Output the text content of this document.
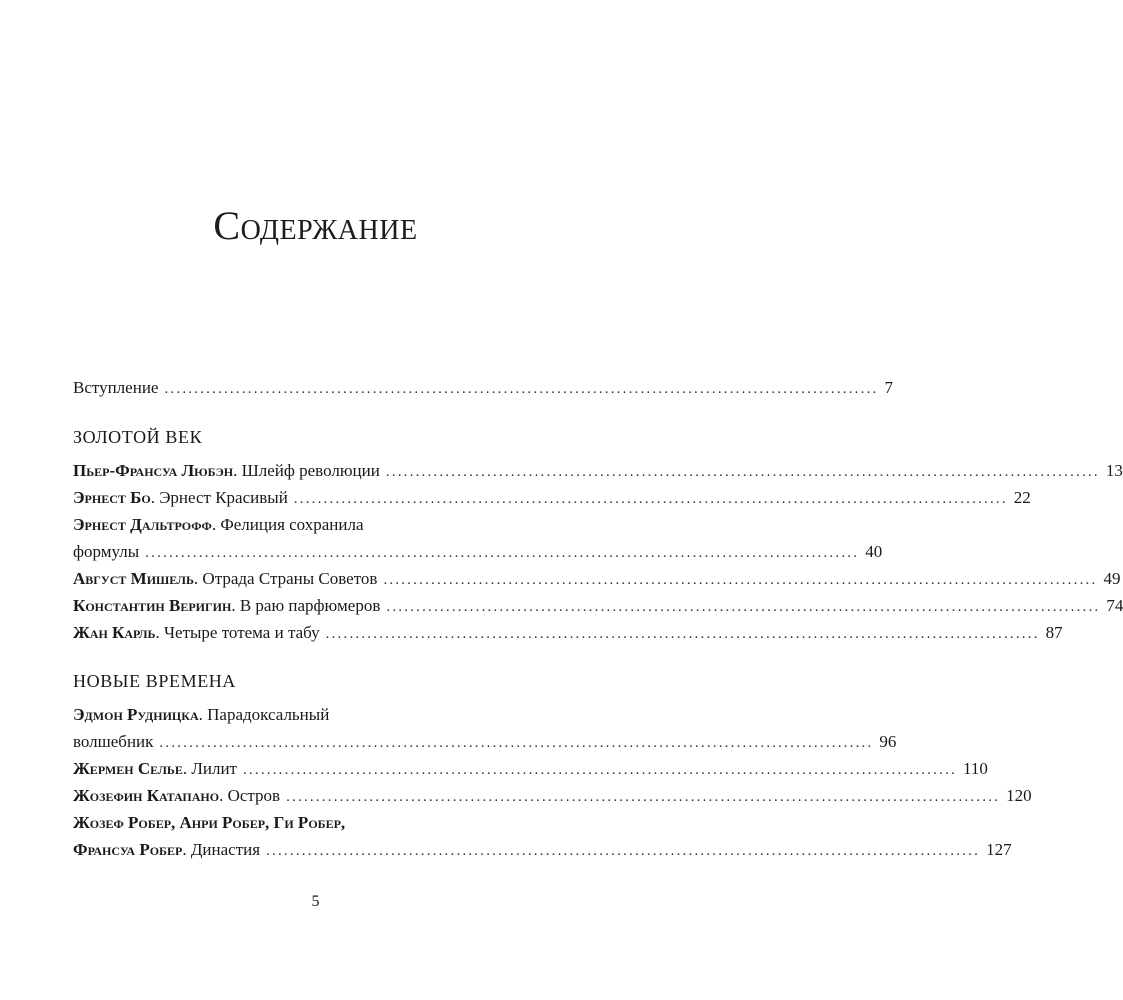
Содержание
Вступление ........................................................................................................................ 7
ЗОЛОТОЙ ВЕК
Пьер-Франсуа Любэн. Шлейф революции ........................................................................................................................ 13
Эрнест Бо. Эрнест Красивый ........................................................................................................................ 22
Эрнест Дальтрофф. Фелиция сохранила
формулы ........................................................................................................................ 40
Август Мишель. Отрада Страны Советов ........................................................................................................................ 49
Константин Веригин. В раю парфюмеров ........................................................................................................................ 74
Жан Карль. Четыре тотема и табу ........................................................................................................................ 87
НОВЫЕ ВРЕМЕНА
Эдмон Рудницка. Парадоксальный
волшебник ........................................................................................................................ 96
Жермен Селье. Лилит ........................................................................................................................ 110
Жозефин Катапано. Остров ........................................................................................................................ 120
Жозеф Робер, Анри Робер, Ги Робер,
Франсуа Робер. Династия ........................................................................................................................ 127
5
